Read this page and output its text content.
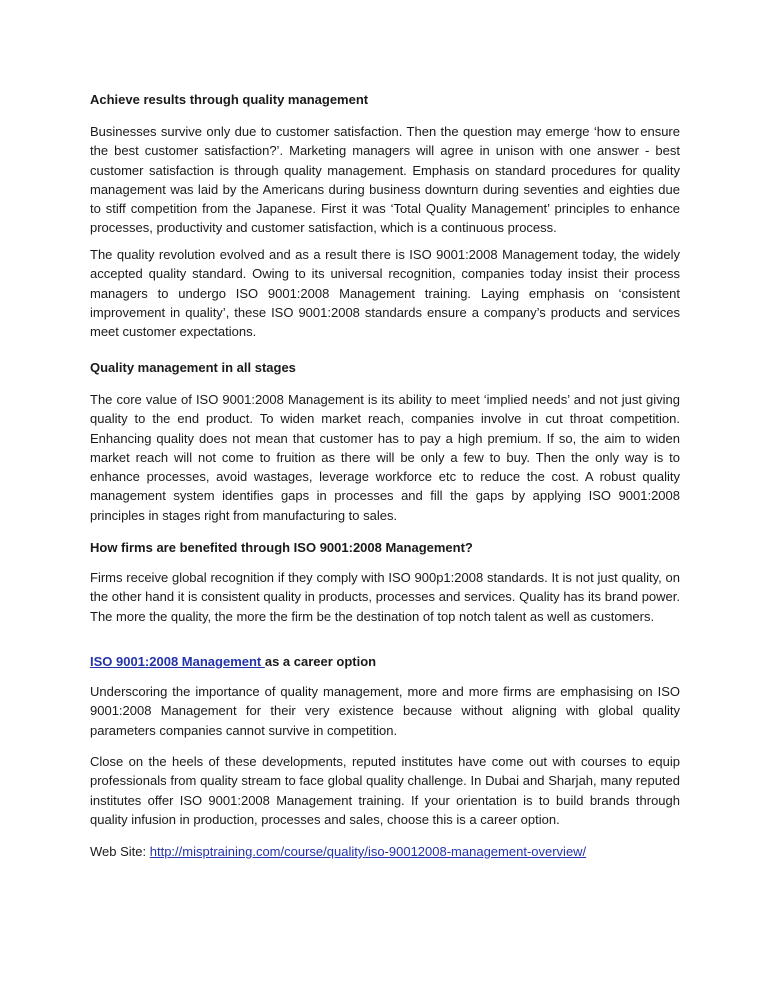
Achieve results through quality management
Businesses survive only due to customer satisfaction. Then the question may emerge ‘how to ensure the best customer satisfaction?’. Marketing managers will agree in unison with one answer - best customer satisfaction is through quality management. Emphasis on standard procedures for quality management was laid by the Americans during business downturn during seventies and eighties due to stiff competition from the Japanese. First it was ‘Total Quality Management’ principles to enhance processes, productivity and customer satisfaction, which is a continuous process.
The quality revolution evolved and as a result there is ISO 9001:2008 Management today, the widely accepted quality standard. Owing to its universal recognition, companies today insist their process managers to undergo ISO 9001:2008 Management training. Laying emphasis on ‘consistent improvement in quality’, these ISO 9001:2008 standards ensure a company’s products and services meet customer expectations.
Quality management in all stages
The core value of ISO 9001:2008 Management is its ability to meet ‘implied needs’ and not just giving quality to the end product. To widen market reach, companies involve in cut throat competition. Enhancing quality does not mean that customer has to pay a high premium. If so, the aim to widen market reach will not come to fruition as there will be only a few to buy. Then the only way is to enhance processes, avoid wastages, leverage workforce etc to reduce the cost. A robust quality management system identifies gaps in processes and fill the gaps by applying ISO 9001:2008 principles in stages right from manufacturing to sales.
How firms are benefited through ISO 9001:2008 Management?
Firms receive global recognition if they comply with ISO 900p1:2008 standards. It is not just quality, on the other hand it is consistent quality in products, processes and services. Quality has its brand power. The more the quality, the more the firm be the destination of top notch talent as well as customers.
ISO 9001:2008 Management as a career option
Underscoring the importance of quality management, more and more firms are emphasising on ISO 9001:2008 Management for their very existence because without aligning with global quality parameters companies cannot survive in competition.
Close on the heels of these developments, reputed institutes have come out with courses to equip professionals from quality stream to face global quality challenge. In Dubai and Sharjah, many reputed institutes offer ISO 9001:2008 Management training. If your orientation is to build brands through quality infusion in production, processes and sales, choose this is a career option.
Web Site: http://misptraining.com/course/quality/iso-90012008-management-overview/
